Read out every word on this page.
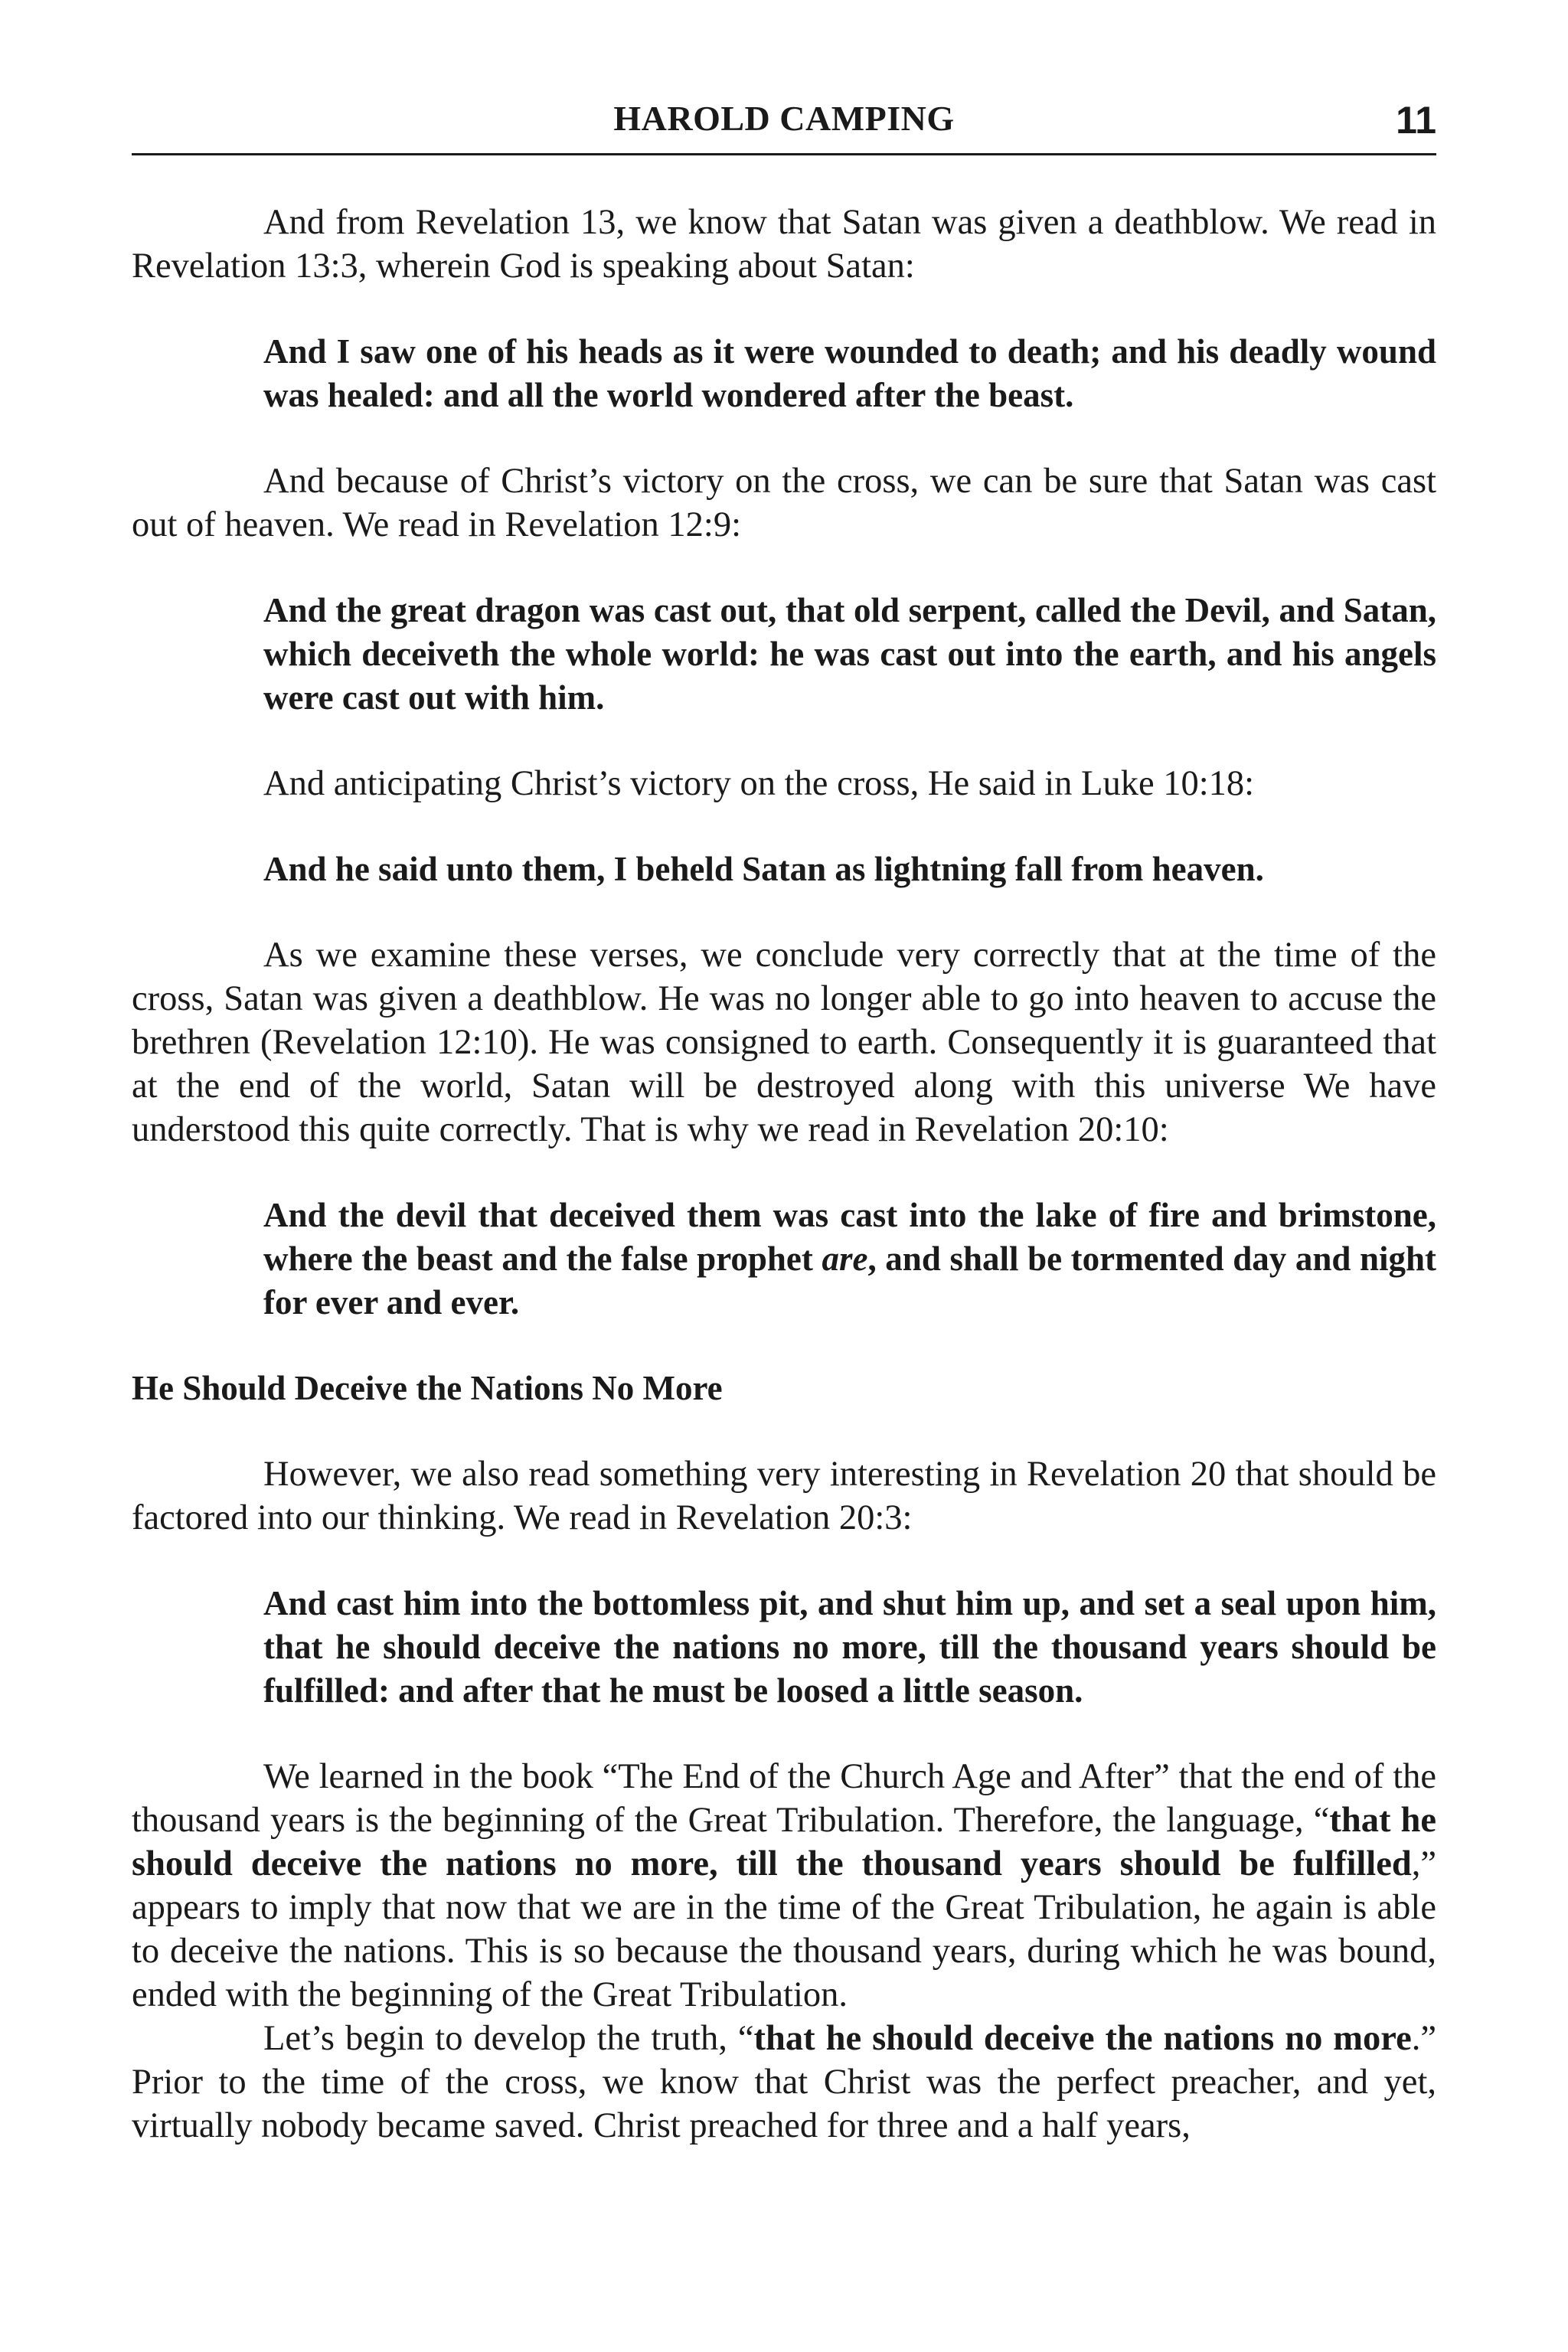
HAROLD CAMPING	11

And from Revelation 13, we know that Satan was given a deathblow. We read in Revelation 13:3, wherein God is speaking about Satan:

And I saw one of his heads as it were wounded to death; and his deadly wound was healed: and all the world wondered after the beast.

And because of Christ’s victory on the cross, we can be sure that Satan was cast out of heaven. We read in Revelation 12:9:

And the great dragon was cast out, that old serpent, called the Devil, and Satan, which deceiveth the whole world: he was cast out into the earth, and his angels were cast out with him.

And anticipating Christ’s victory on the cross, He said in Luke 10:18:

And he said unto them, I beheld Satan as lightning fall from heaven.

As we examine these verses, we conclude very correctly that at the time of the cross, Satan was given a deathblow. He was no longer able to go into heaven to accuse the brethren (Revelation 12:10). He was consigned to earth. Consequently it is guaranteed that at the end of the world, Satan will be destroyed along with this universe We have understood this quite correctly. That is why we read in Revelation 20:10:

And the devil that deceived them was cast into the lake of fire and brimstone, where the beast and the false prophet are, and shall be tormented day and night for ever and ever.

He Should Deceive the Nations No More

However, we also read something very interesting in Revelation 20 that should be factored into our thinking. We read in Revelation 20:3:

And cast him into the bottomless pit, and shut him up, and set a seal upon him, that he should deceive the nations no more, till the thousand years should be fulfilled: and after that he must be loosed a little season.

We learned in the book “The End of the Church Age and After” that the end of the thousand years is the beginning of the Great Tribulation. Therefore, the language, “that he should deceive the nations no more, till the thousand years should be fulfilled,” appears to imply that now that we are in the time of the Great Tribulation, he again is able to deceive the nations. This is so because the thousand years, during which he was bound, ended with the beginning of the Great Tribulation.

Let’s begin to develop the truth, “that he should deceive the nations no more.” Prior to the time of the cross, we know that Christ was the perfect preacher, and yet, virtually nobody became saved. Christ preached for three and a half years,
